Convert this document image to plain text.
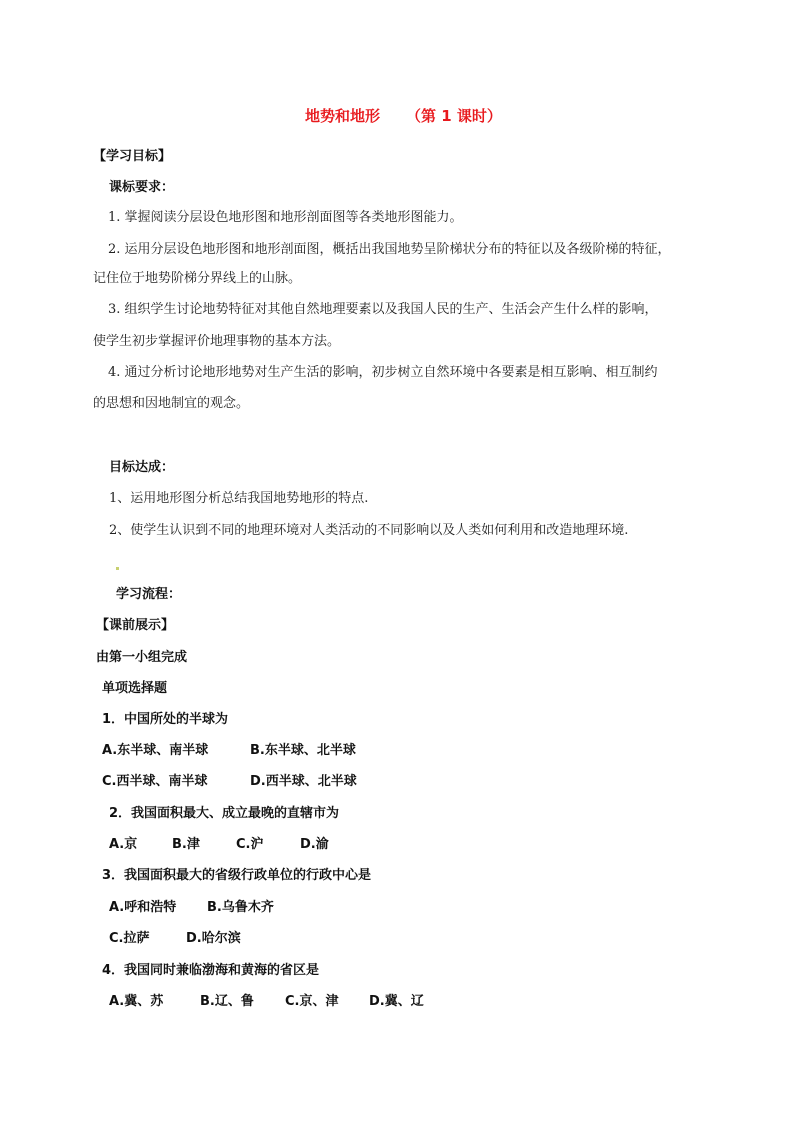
地势和地形 （第 1 课时）
【学习目标】
课标要求：
1. 掌握阅读分层设色地形图和地形剖面图等各类地形图能力。
2. 运用分层设色地形图和地形剖面图，概括出我国地势呈阶梯状分布的特征以及各级阶梯的特征，
记住位于地势阶梯分界线上的山脉。
3. 组织学生讨论地势特征对其他自然地理要素以及我国人民的生产、生活会产生什么样的影响，
使学生初步掌握评价地理事物的基本方法。
4. 通过分析讨论地形地势对生产生活的影响，初步树立自然环境中各要素是相互影响、相互制约
的思想和因地制宜的观念。
目标达成：
1、运用地形图分析总结我国地势地形的特点.
2、使学生认识到不同的地理环境对人类活动的不同影响以及人类如何利用和改造地理环境.
学习流程：
【课前展示】
由第一小组完成
单项选择题
1．中国所处的半球为
A.东半球、南半球	B.东半球、北半球
C.西半球、南半球	D.西半球、北半球
2．我国面积最大、成立最晚的直辖市为
A.京	B.津	C.沪	D.渝
3．我国面积最大的省级行政单位的行政中心是
A.呼和浩特 B.乌鲁木齐
C.拉萨	D.哈尔滨
4．我国同时兼临渤海和黄海的省区是
A.冀、苏	B.辽、鲁 C.京、津 D.冀、辽
